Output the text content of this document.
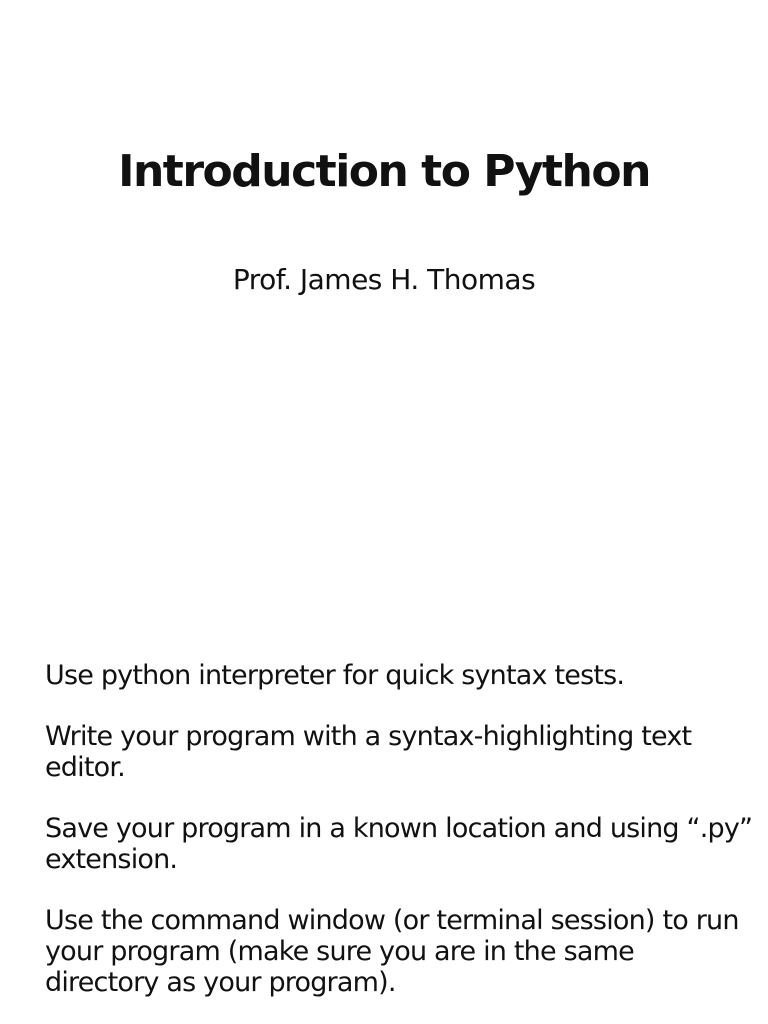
Introduction to Python
Prof. James H. Thomas

Use python interpreter for quick syntax tests.

Write your program with a syntax-highlighting text
editor.

Save your program in a known location and using “.py”
extension.

Use the command window (or terminal session) to run
your program (make sure you are in the same
directory as your program).
